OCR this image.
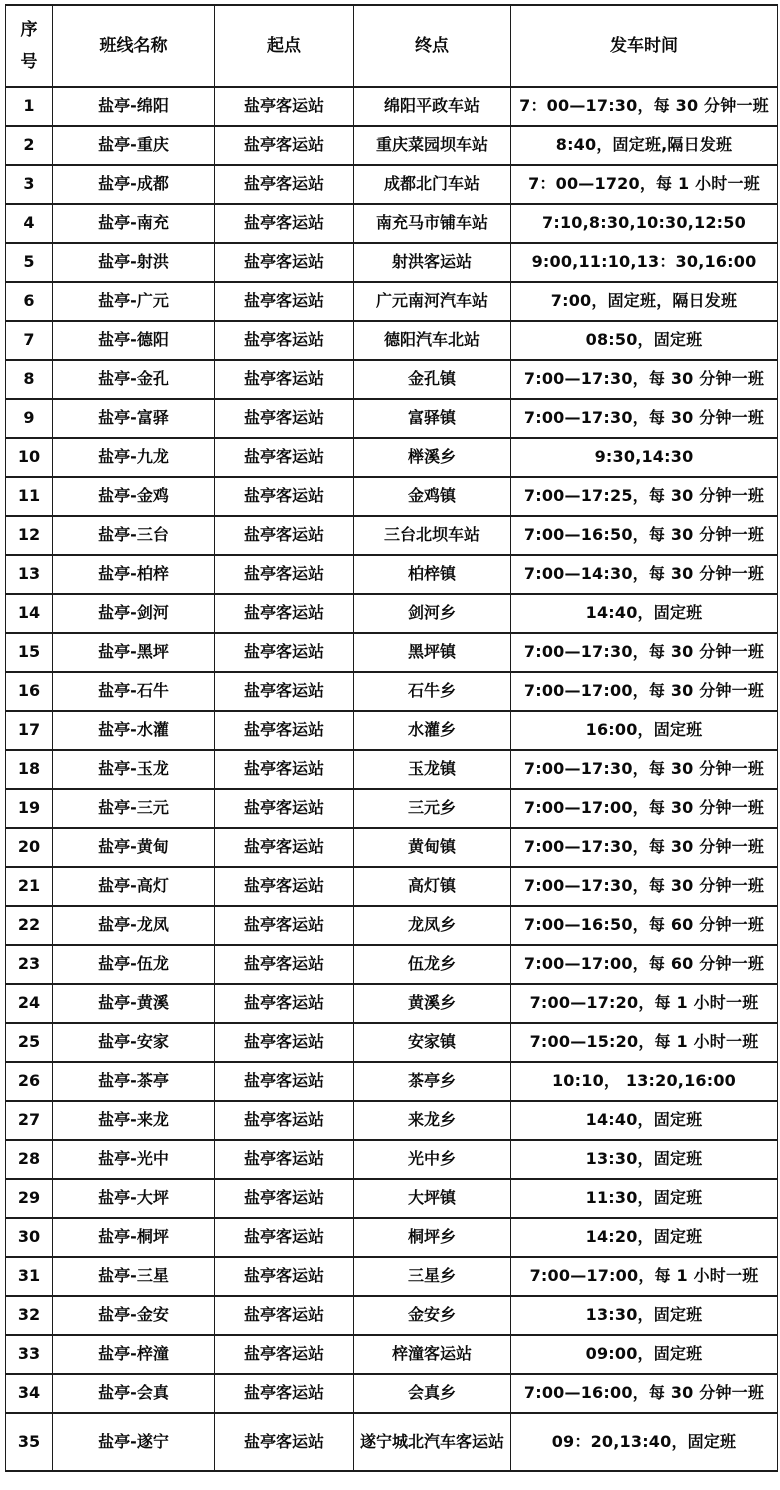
序号	班线名称	起点	终点	发车时间
1	盐亭-绵阳	盐亭客运站	绵阳平政车站	7：00—17:30，每 30 分钟一班
2	盐亭-重庆	盐亭客运站	重庆菜园坝车站	8:40，固定班,隔日发班
3	盐亭-成都	盐亭客运站	成都北门车站	7：00—1720，每 1 小时一班
4	盐亭-南充	盐亭客运站	南充马市铺车站	7:10,8:30,10:30,12:50
5	盐亭-射洪	盐亭客运站	射洪客运站	9:00,11:10,13：30,16:00
6	盐亭-广元	盐亭客运站	广元南河汽车站	7:00，固定班，隔日发班
7	盐亭-德阳	盐亭客运站	德阳汽车北站	08:50，固定班
8	盐亭-金孔	盐亭客运站	金孔镇	7:00—17:30，每 30 分钟一班
9	盐亭-富驿	盐亭客运站	富驿镇	7:00—17:30，每 30 分钟一班
10	盐亭-九龙	盐亭客运站	榉溪乡	9:30,14:30
11	盐亭-金鸡	盐亭客运站	金鸡镇	7:00—17:25，每 30 分钟一班
12	盐亭-三台	盐亭客运站	三台北坝车站	7:00—16:50，每 30 分钟一班
13	盐亭-柏梓	盐亭客运站	柏梓镇	7:00—14:30，每 30 分钟一班
14	盐亭-剑河	盐亭客运站	剑河乡	14:40，固定班
15	盐亭-黑坪	盐亭客运站	黑坪镇	7:00—17:30，每 30 分钟一班
16	盐亭-石牛	盐亭客运站	石牛乡	7:00—17:00，每 30 分钟一班
17	盐亭-水灌	盐亭客运站	水灌乡	16:00，固定班
18	盐亭-玉龙	盐亭客运站	玉龙镇	7:00—17:30，每 30 分钟一班
19	盐亭-三元	盐亭客运站	三元乡	7:00—17:00，每 30 分钟一班
20	盐亭-黄甸	盐亭客运站	黄甸镇	7:00—17:30，每 30 分钟一班
21	盐亭-高灯	盐亭客运站	高灯镇	7:00—17:30，每 30 分钟一班
22	盐亭-龙凤	盐亭客运站	龙凤乡	7:00—16:50，每 60 分钟一班
23	盐亭-伍龙	盐亭客运站	伍龙乡	7:00—17:00，每 60 分钟一班
24	盐亭-黄溪	盐亭客运站	黄溪乡	7:00—17:20，每 1 小时一班
25	盐亭-安家	盐亭客运站	安家镇	7:00—15:20，每 1 小时一班
26	盐亭-茶亭	盐亭客运站	茶亭乡	10:10， 13:20,16:00
27	盐亭-来龙	盐亭客运站	来龙乡	14:40，固定班
28	盐亭-光中	盐亭客运站	光中乡	13:30，固定班
29	盐亭-大坪	盐亭客运站	大坪镇	11:30，固定班
30	盐亭-桐坪	盐亭客运站	桐坪乡	14:20，固定班
31	盐亭-三星	盐亭客运站	三星乡	7:00—17:00，每 1 小时一班
32	盐亭-金安	盐亭客运站	金安乡	13:30，固定班
33	盐亭-梓潼	盐亭客运站	梓潼客运站	09:00，固定班
34	盐亭-会真	盐亭客运站	会真乡	7:00—16:00，每 30 分钟一班
35	盐亭-遂宁	盐亭客运站	遂宁城北汽车客运站	09：20,13:40，固定班
